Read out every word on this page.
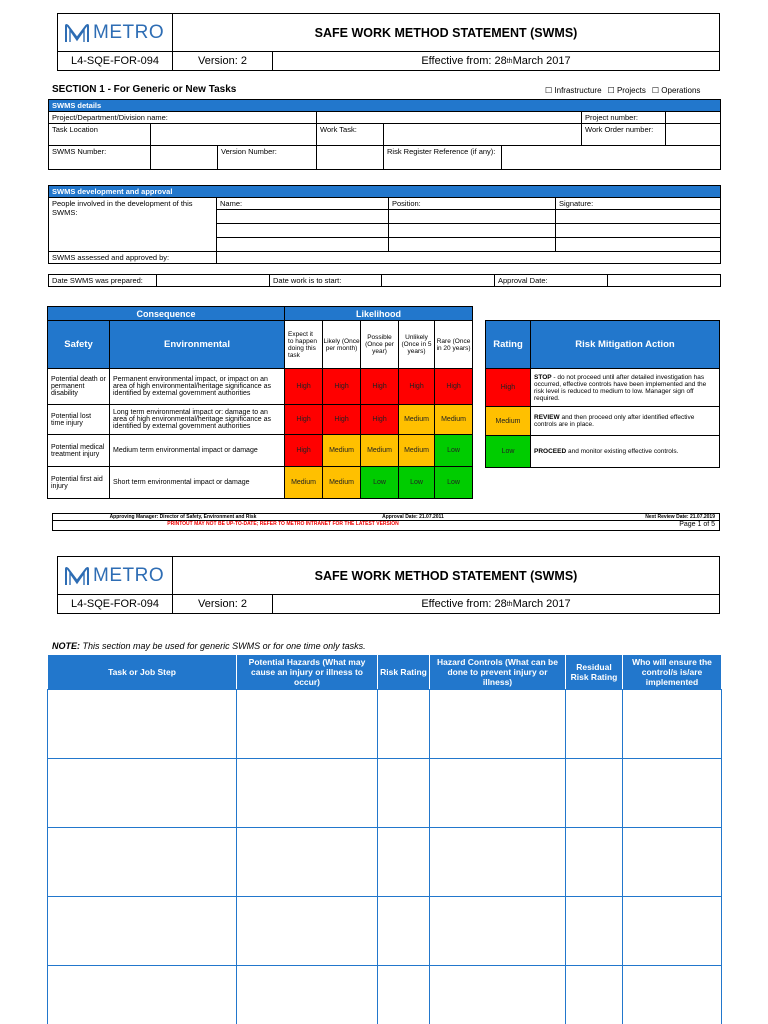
METRO	SAFE WORK METHOD STATEMENT (SWMS)
L4-SQE-FOR-094	Version: 2	Effective from: 28 th March 2017
SECTION 1 - For Generic or New Tasks	☐ Infrastructure ☐ Projects ☐ Operations
SWMS details							
Project/Department/Division name:						Project number:	
Task Location			Work Task:			Work Order number:	
SWMS Number:		Version Number:		Risk Register Reference (if any):			
SWMS development and approval			
People involved in the development of this SWMS:	Name:	Position:	Signature:

SWMS assessed and approved by:			
Date SWMS was prepared:		Date work is to start:		Approval Date:	
Consequence		Likelihood				
Safety	Environmental	Expect it to happen doing this task	Likely (Once per month)	Possible (Once per year)	Unlikely (Once in 5 years)	Rare (Once in 20 years)
Potential death or permanent disability	Permanent environmental impact, or impact on an area of high environmental/heritage significance as identified by external government authorities	High	High	High	High	High
Potential lost time injury	Long term environmental impact or: damage to an area of high environmental/heritage significance as identified by external government authorities	High	High	High	Medium	Medium
Potential medical treatment injury	Medium term environmental impact or damage	High	Medium	Medium	Medium	Low
Potential first aid injury	Short term environmental impact or damage	Medium	Medium	Low	Low	Low
Rating	Risk Mitigation Action
High	STOP - do not proceed until after detailed investigation has occurred, effective controls have been implemented and the risk level is reduced to medium to low. Manager sign off required.
Medium	REVIEW and then proceed only after identified effective controls are in place.
Low	PROCEED and monitor existing effective controls.
Approving Manager: Director of Safety, Environment and Risk	Approval Date: 21.07.2011	Next Review Date: 21.07.2019
PRINTOUT MAY NOT BE UP-TO-DATE; REFER TO METRO INTRANET FOR THE LATEST VERSION	Page 1 of 5
METRO	SAFE WORK METHOD STATEMENT (SWMS)
L4-SQE-FOR-094	Version: 2	Effective from: 28 th March 2017
NOTE: This section may be used for generic SWMS or for one time only tasks.
Task or Job Step	Potential Hazards (What may cause an injury or illness to occur)	Risk Rating	Hazard Controls (What can be done to prevent injury or illness)	Residual Risk Rating	Who will ensure the control/s is/are implemented
